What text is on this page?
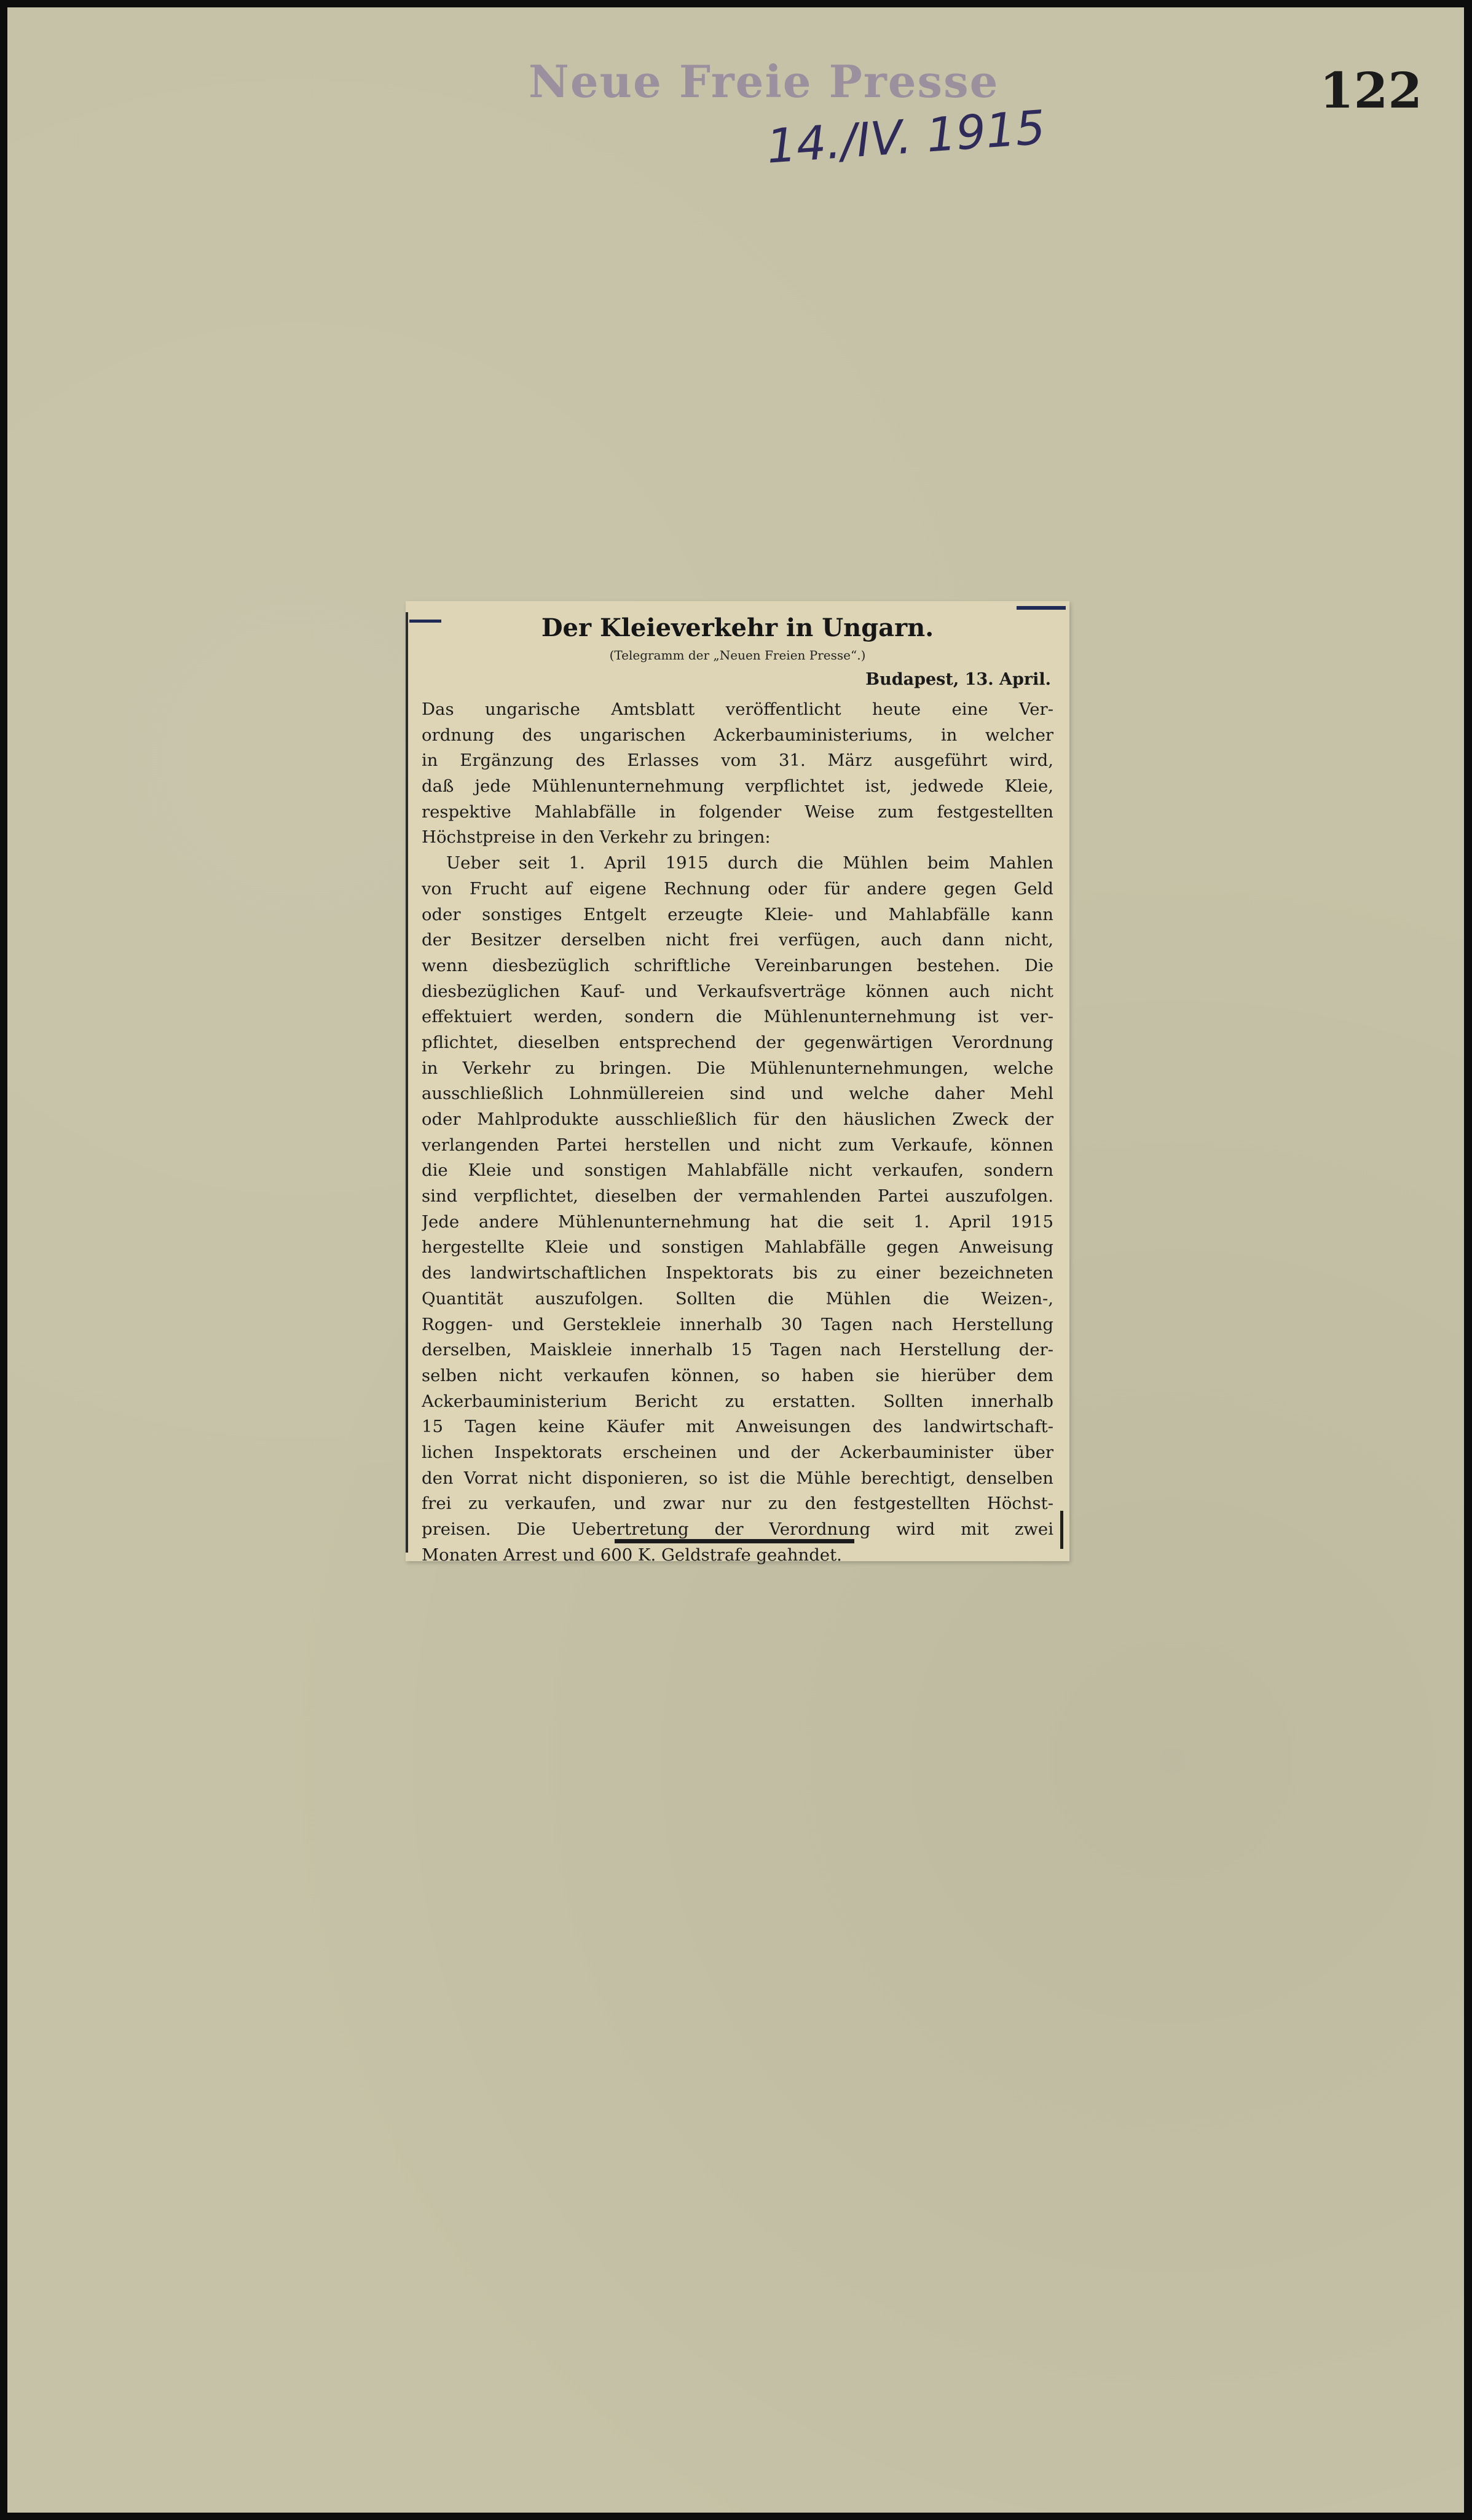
Neue Freie Presse
14./IV. 1915
122
Der Kleieverkehr in Ungarn.
(Telegramm der „Neuen Freien Presse“.)
Budapest, 13. April.
Das ungarische Amtsblatt veröffentlicht heute eine Ver-
ordnung des ungarischen Ackerbauministeriums, in welcher
in Ergänzung des Erlasses vom 31. März ausgeführt wird,
daß jede Mühlenunternehmung verpflichtet ist, jedwede Kleie,
respektive Mahlabfälle in folgender Weise zum festgestellten
Höchstpreise in den Verkehr zu bringen:
Ueber seit 1. April 1915 durch die Mühlen beim Mahlen
von Frucht auf eigene Rechnung oder für andere gegen Geld
oder sonstiges Entgelt erzeugte Kleie- und Mahlabfälle kann
der Besitzer derselben nicht frei verfügen, auch dann nicht,
wenn diesbezüglich schriftliche Vereinbarungen bestehen. Die
diesbezüglichen Kauf- und Verkaufsverträge können auch nicht
effektuiert werden, sondern die Mühlenunternehmung ist ver-
pflichtet, dieselben entsprechend der gegenwärtigen Verordnung
in Verkehr zu bringen. Die Mühlenunternehmungen, welche
ausschließlich Lohnmüllereien sind und welche daher Mehl
oder Mahlprodukte ausschließlich für den häuslichen Zweck der
verlangenden Partei herstellen und nicht zum Verkaufe, können
die Kleie und sonstigen Mahlabfälle nicht verkaufen, sondern
sind verpflichtet, dieselben der vermahlenden Partei auszufolgen.
Jede andere Mühlenunternehmung hat die seit 1. April 1915
hergestellte Kleie und sonstigen Mahlabfälle gegen Anweisung
des landwirtschaftlichen Inspektorats bis zu einer bezeichneten
Quantität auszufolgen. Sollten die Mühlen die Weizen-,
Roggen- und Gerstekleie innerhalb 30 Tagen nach Herstellung
derselben, Maiskleie innerhalb 15 Tagen nach Herstellung der-
selben nicht verkaufen können, so haben sie hierüber dem
Ackerbauministerium Bericht zu erstatten. Sollten innerhalb
15 Tagen keine Käufer mit Anweisungen des landwirtschaft-
lichen Inspektorats erscheinen und der Ackerbauminister über
den Vorrat nicht disponieren, so ist die Mühle berechtigt, denselben
frei zu verkaufen, und zwar nur zu den festgestellten Höchst-
preisen. Die Uebertretung der Verordnung wird mit zwei
Monaten Arrest und 600 K. Geldstrafe geahndet.
